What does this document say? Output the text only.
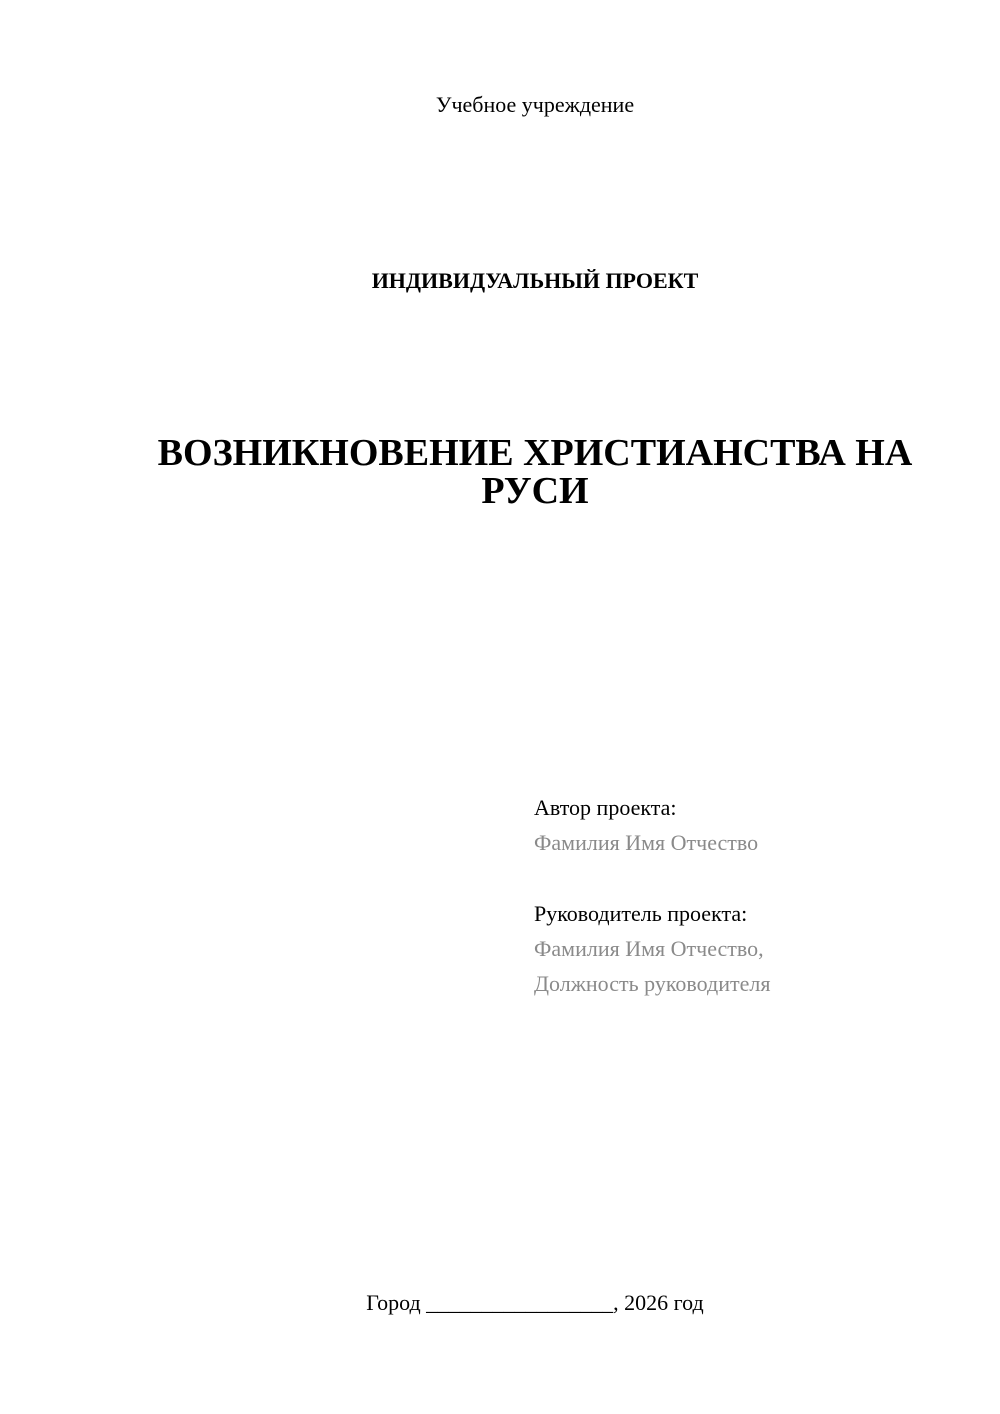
Учебное учреждение
ИНДИВИДУАЛЬНЫЙ ПРОЕКТ
ВОЗНИКНОВЕНИЕ ХРИСТИАНСТВА НА
РУСИ
Автор проекта:
Фамилия Имя Отчество
Руководитель проекта:
Фамилия Имя Отчество,
Должность руководителя
Город _________________, 2026 год
